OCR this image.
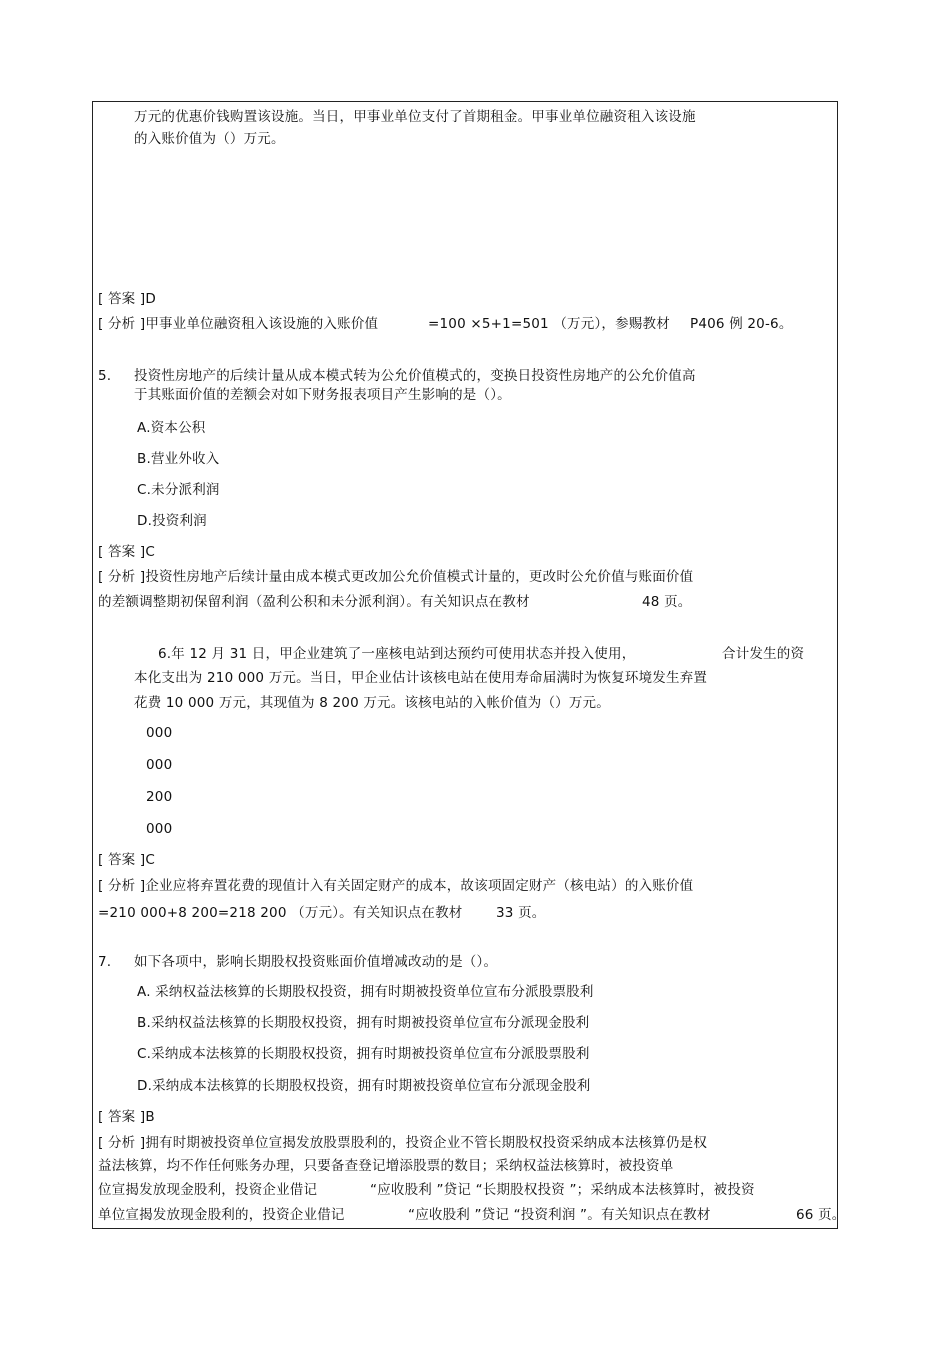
万元的优惠价钱购置该设施。当日，甲事业单位支付了首期租金。甲事业单位融资租入该设施
的入账价值为（）万元。
[ 答案 ]D
[ 分析 ]甲事业单位融资租入该设施的入账价值	=100 ×5+1=501 （万元），参赐教材 P406 例 20-6。
5. 投资性房地产的后续计量从成本模式转为公允价值模式的，变换日投资性房地产的公允价值高
于其账面价值的差额会对如下财务报表项目产生影响的是（）。
A.资本公积
B.营业外收入
C.未分派利润
D.投资利润
[ 答案 ]C
[ 分析 ]投资性房地产后续计量由成本模式更改加公允价值模式计量的，更改时公允价值与账面价值
的差额调整期初保留利润（盈利公积和未分派利润）。有关知识点在教材	48 页。
6.年 12 月 31 日，甲企业建筑了一座核电站到达预约可使用状态并投入使用，	合计发生的资
本化支出为 210 000 万元。当日，甲企业估计该核电站在使用寿命届满时为恢复环境发生弃置
花费 10 000 万元，其现值为 8 200 万元。该核电站的入帐价值为（）万元。
000
000
200
000
[ 答案 ]C
[ 分析 ]企业应将弃置花费的现值计入有关固定财产的成本，故该项固定财产（核电站）的入账价值
=210 000+8 200=218 200 （万元）。有关知识点在教材 33 页。
7. 如下各项中，影响长期股权投资账面价值增减改动的是（）。
A. 采纳权益法核算的长期股权投资，拥有时期被投资单位宣布分派股票股利
B.采纳权益法核算的长期股权投资，拥有时期被投资单位宣布分派现金股利
C.采纳成本法核算的长期股权投资，拥有时期被投资单位宣布分派股票股利
D.采纳成本法核算的长期股权投资，拥有时期被投资单位宣布分派现金股利
[ 答案 ]B
[ 分析 ]拥有时期被投资单位宣揭发放股票股利的，投资企业不管长期股权投资采纳成本法核算仍是权
益法核算，均不作任何账务办理，只要备查登记增添股票的数目；采纳权益法核算时，被投资单
位宣揭发放现金股利，投资企业借记	“应收股利 ”贷记 “长期股权投资 ”；采纳成本法核算时，被投资
单位宣揭发放现金股利的，投资企业借记	“应收股利 ”贷记 “投资利润 ”。有关知识点在教材	66 页。
